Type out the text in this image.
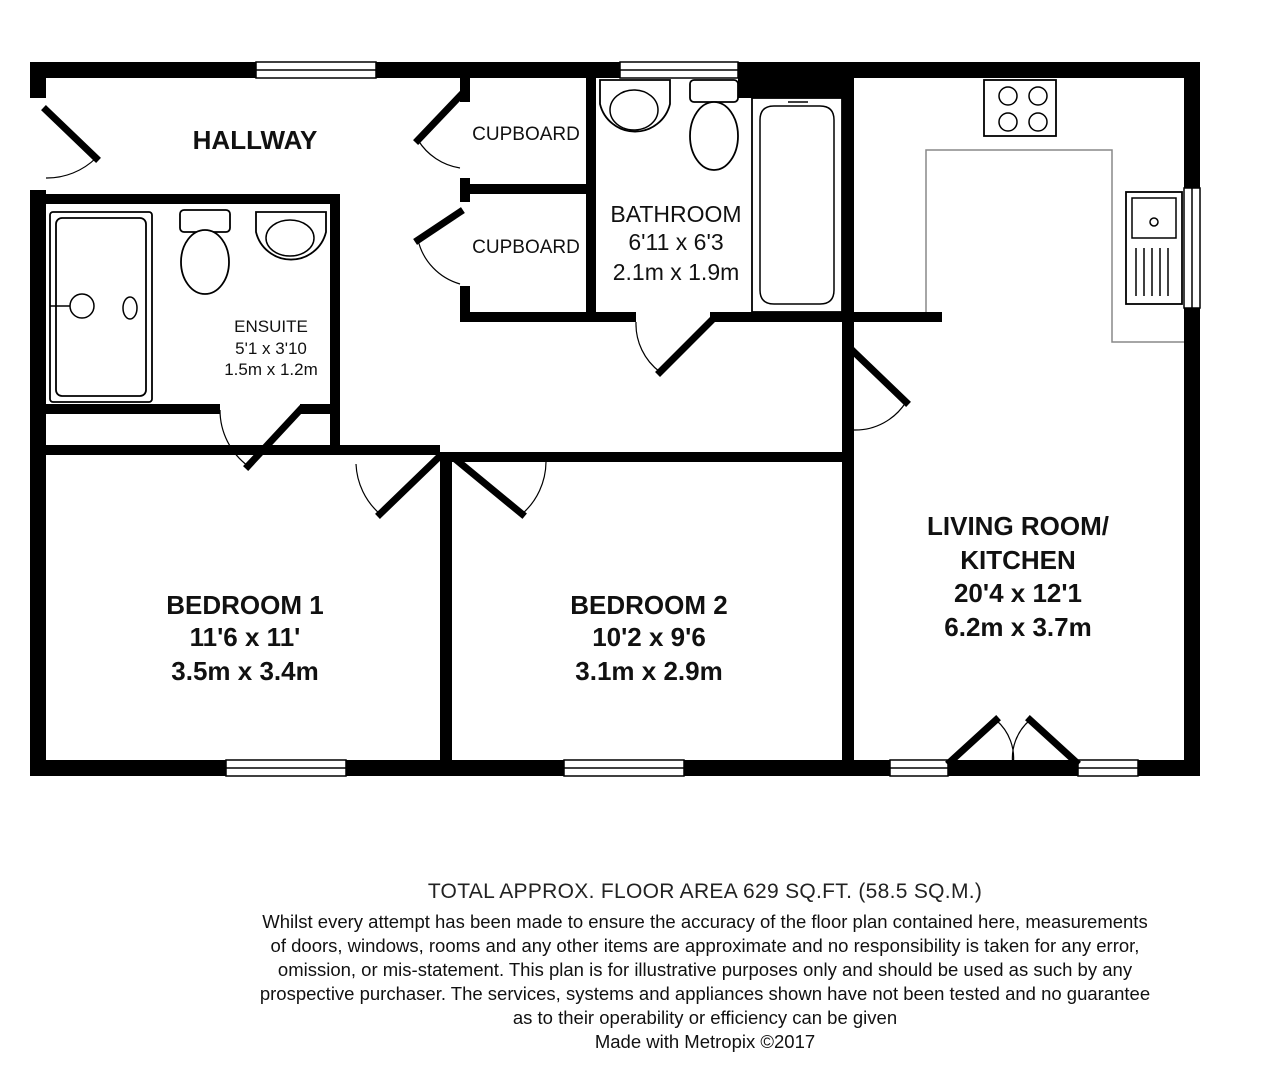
HALLWAY	CUPBOARD
CUPBOARD
BATHROOM
6'11 x 6'3
2.1m x 1.9m
ENSUITE
5'1 x 3'10
1.5m x 1.2m
BEDROOM 1
11'6 x 11'
3.5m x 3.4m
BEDROOM 2
10'2 x 9'6
3.1m x 2.9m
LIVING ROOM/
KITCHEN
20'4 x 12'1
6.2m x 3.7m
TOTAL APPROX. FLOOR AREA 629 SQ.FT. (58.5 SQ.M.)
Whilst every attempt has been made to ensure the accuracy of the floor plan contained here, measurements
of doors, windows, rooms and any other items are approximate and no responsibility is taken for any error,
omission, or mis-statement. This plan is for illustrative purposes only and should be used as such by any
prospective purchaser. The services, systems and appliances shown have not been tested and no guarantee
as to their operability or efficiency can be given
Made with Metropix ©2017
